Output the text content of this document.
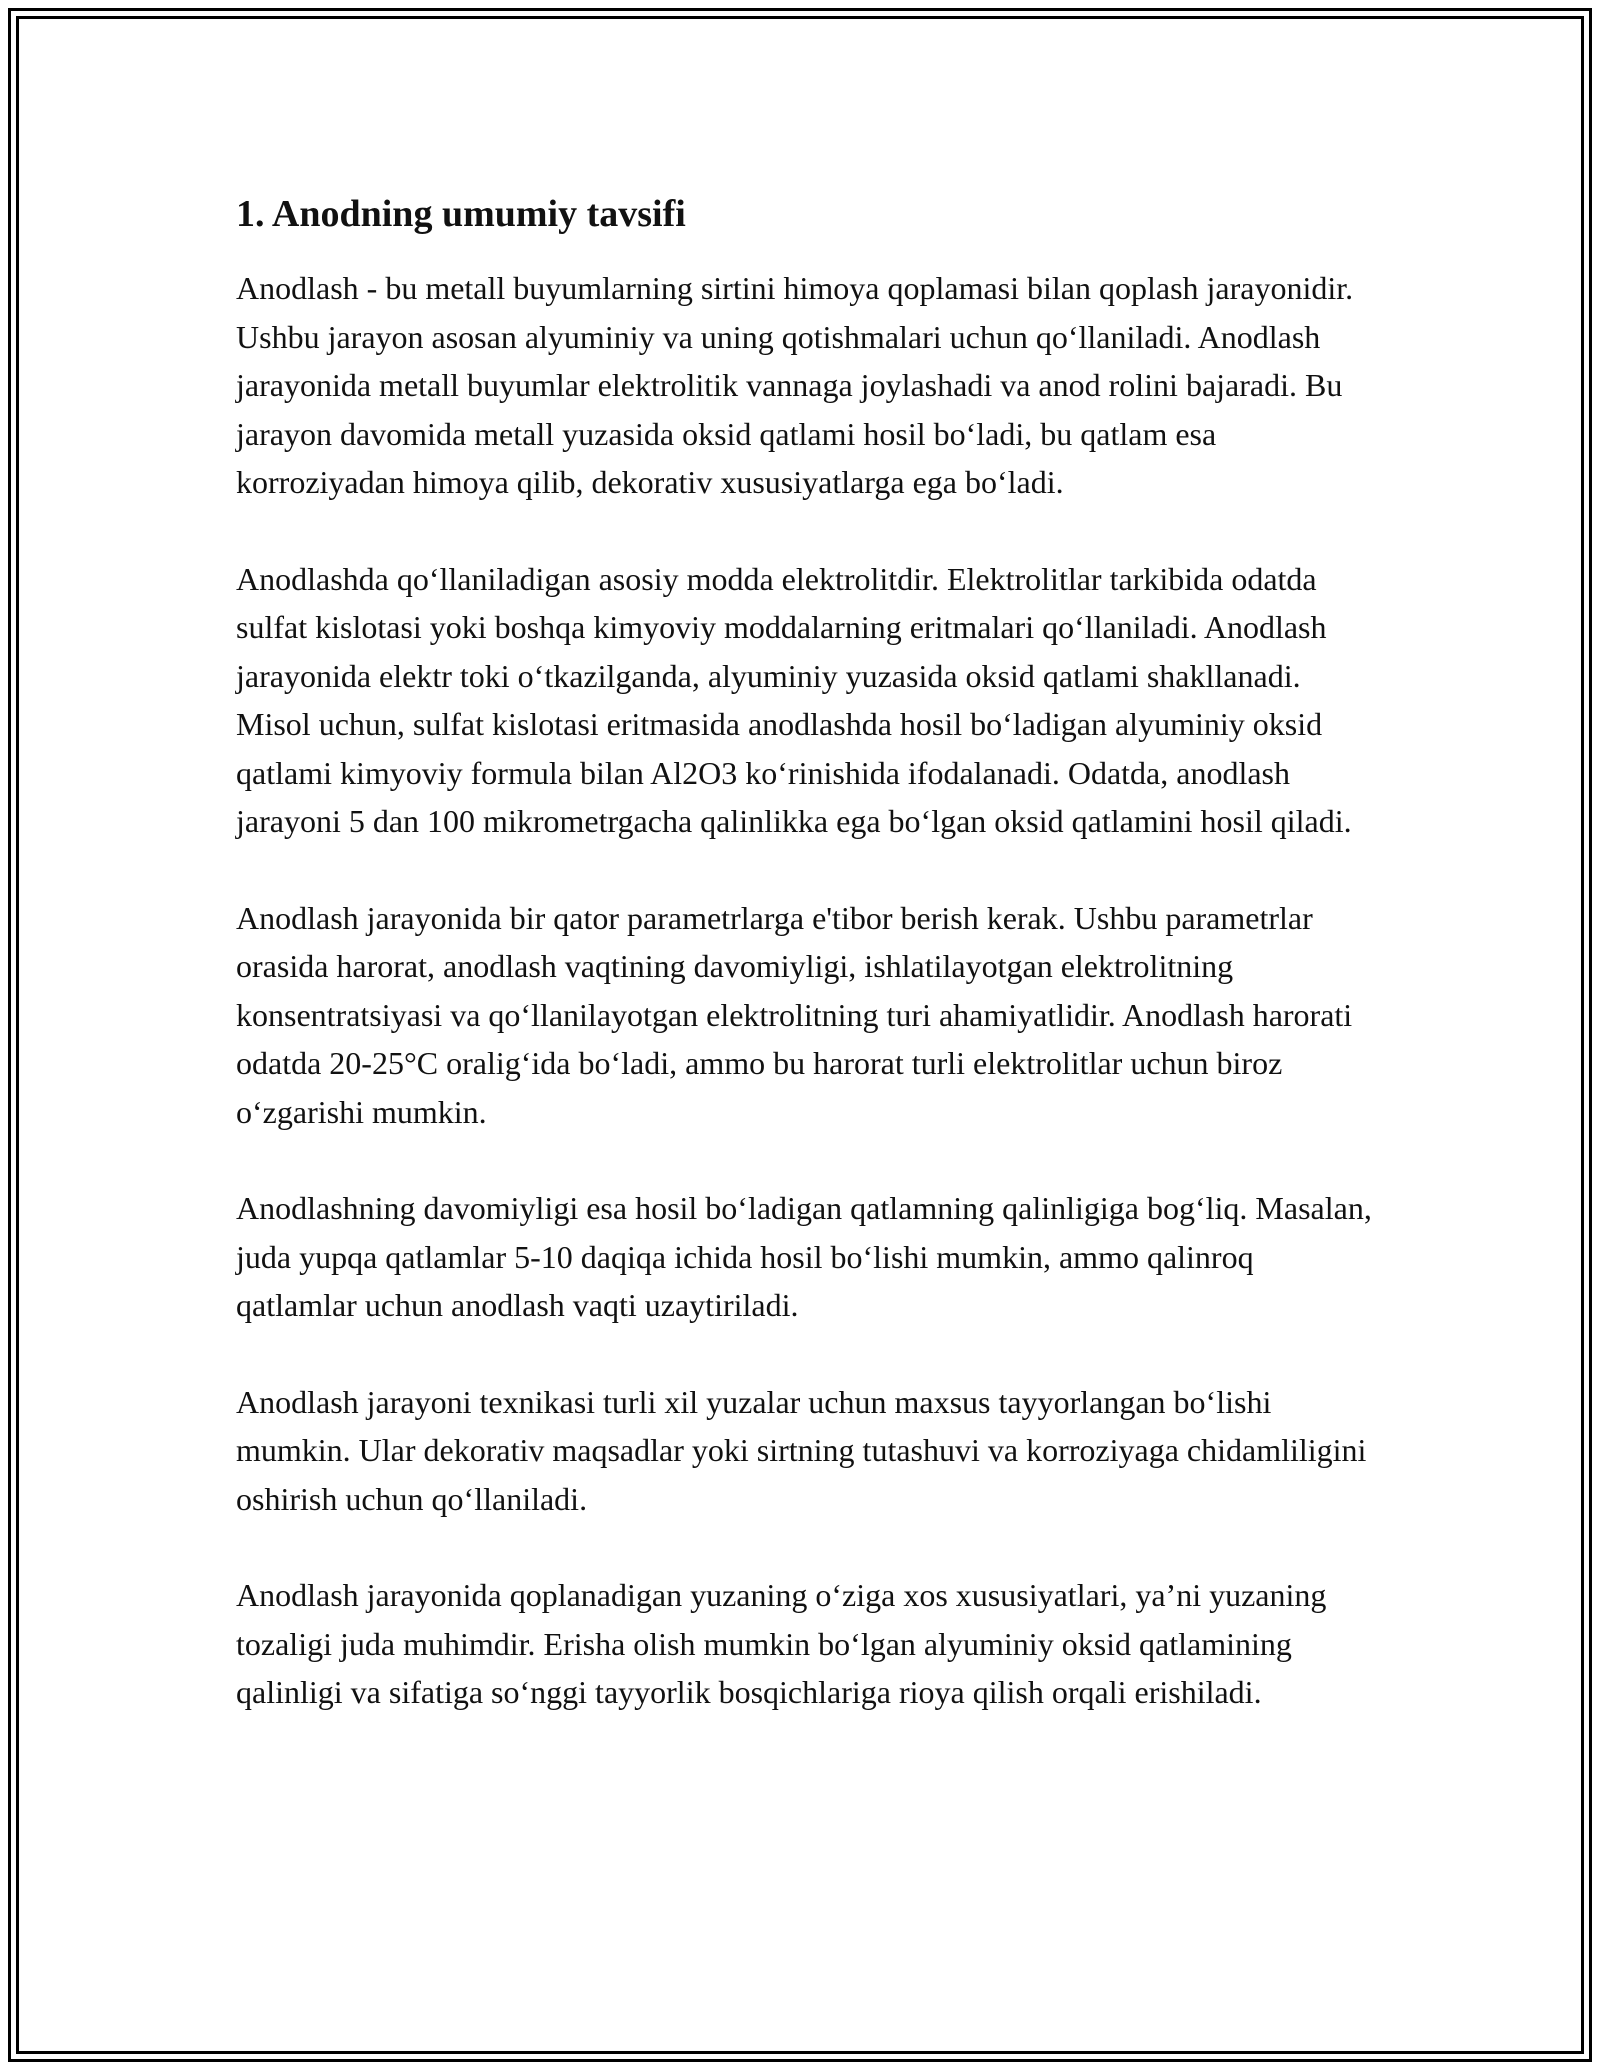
1. Anodning umumiy tavsifi

Anodlash - bu metall buyumlarning sirtini himoya qoplamasi bilan qoplash jarayonidir. Ushbu jarayon asosan alyuminiy va uning qotishmalari uchun qo‘llaniladi. Anodlash jarayonida metall buyumlar elektrolitik vannaga joylashadi va anod rolini bajaradi. Bu jarayon davomida metall yuzasida oksid qatlami hosil bo‘ladi, bu qatlam esa korroziyadan himoya qilib, dekorativ xususiyatlarga ega bo‘ladi.

Anodlashda qo‘llaniladigan asosiy modda elektrolitdir. Elektrolitlar tarkibida odatda sulfat kislotasi yoki boshqa kimyoviy moddalarning eritmalari qo‘llaniladi. Anodlash jarayonida elektr toki o‘tkazilganda, alyuminiy yuzasida oksid qatlami shakllanadi. Misol uchun, sulfat kislotasi eritmasida anodlashda hosil bo‘ladigan alyuminiy oksid qatlami kimyoviy formula bilan Al2O3 ko‘rinishida ifodalanadi. Odatda, anodlash jarayoni 5 dan 100 mikrometrgacha qalinlikka ega bo‘lgan oksid qatlamini hosil qiladi.

Anodlash jarayonida bir qator parametrlarga e'tibor berish kerak. Ushbu parametrlar orasida harorat, anodlash vaqtining davomiyligi, ishlatilayotgan elektrolitning konsentratsiyasi va qo‘llanilayotgan elektrolitning turi ahamiyatlidir. Anodlash harorati odatda 20-25°C oralig‘ida bo‘ladi, ammo bu harorat turli elektrolitlar uchun biroz o‘zgarishi mumkin.

Anodlashning davomiyligi esa hosil bo‘ladigan qatlamning qalinligiga bog‘liq. Masalan, juda yupqa qatlamlar 5-10 daqiqa ichida hosil bo‘lishi mumkin, ammo qalinroq qatlamlar uchun anodlash vaqti uzaytiriladi.

Anodlash jarayoni texnikasi turli xil yuzalar uchun maxsus tayyorlangan bo‘lishi mumkin. Ular dekorativ maqsadlar yoki sirtning tutashuvi va korroziyaga chidamliligini oshirish uchun qo‘llaniladi.

Anodlash jarayonida qoplanadigan yuzaning o‘ziga xos xususiyatlari, ya’ni yuzaning tozaligi juda muhimdir. Erisha olish mumkin bo‘lgan alyuminiy oksid qatlamining qalinligi va sifatiga so‘nggi tayyorlik bosqichlariga rioya qilish orqali erishiladi.
